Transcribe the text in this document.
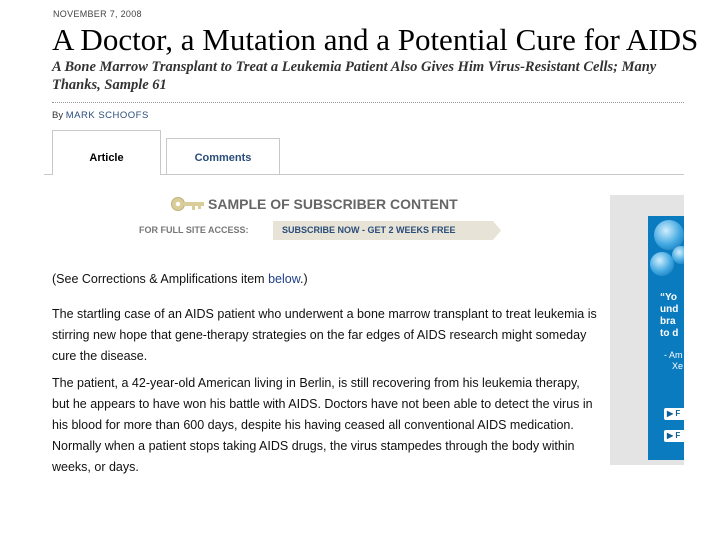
NOVEMBER 7, 2008
A Doctor, a Mutation and a Potential Cure for AIDS

A Bone Marrow Transplant to Treat a Leukemia Patient Also Gives Him Virus-Resistant Cells; Many Thanks, Sample 61

By MARK SCHOOFS
Article	Comments
SAMPLE OF SUBSCRIBER CONTENT
FOR FULL SITE ACCESS:	SUBSCRIBE NOW - GET 2 WEEKS FREE
(See Corrections & Amplifications item below.)

The startling case of an AIDS patient who underwent a bone marrow transplant to treat leukemia is stirring new hope that gene-therapy strategies on the far edges of AIDS research might someday cure the disease.

The patient, a 42-year-old American living in Berlin, is still recovering from his leukemia therapy, but he appears to have won his battle with AIDS. Doctors have not been able to detect the virus in his blood for more than 600 days, despite his having ceased all conventional AIDS medication. Normally when a patient stops taking AIDS drugs, the virus stampedes through the body within weeks, or days.

“Yo
und
bra
to d
- Am
Xe
▶ F
▶ F
